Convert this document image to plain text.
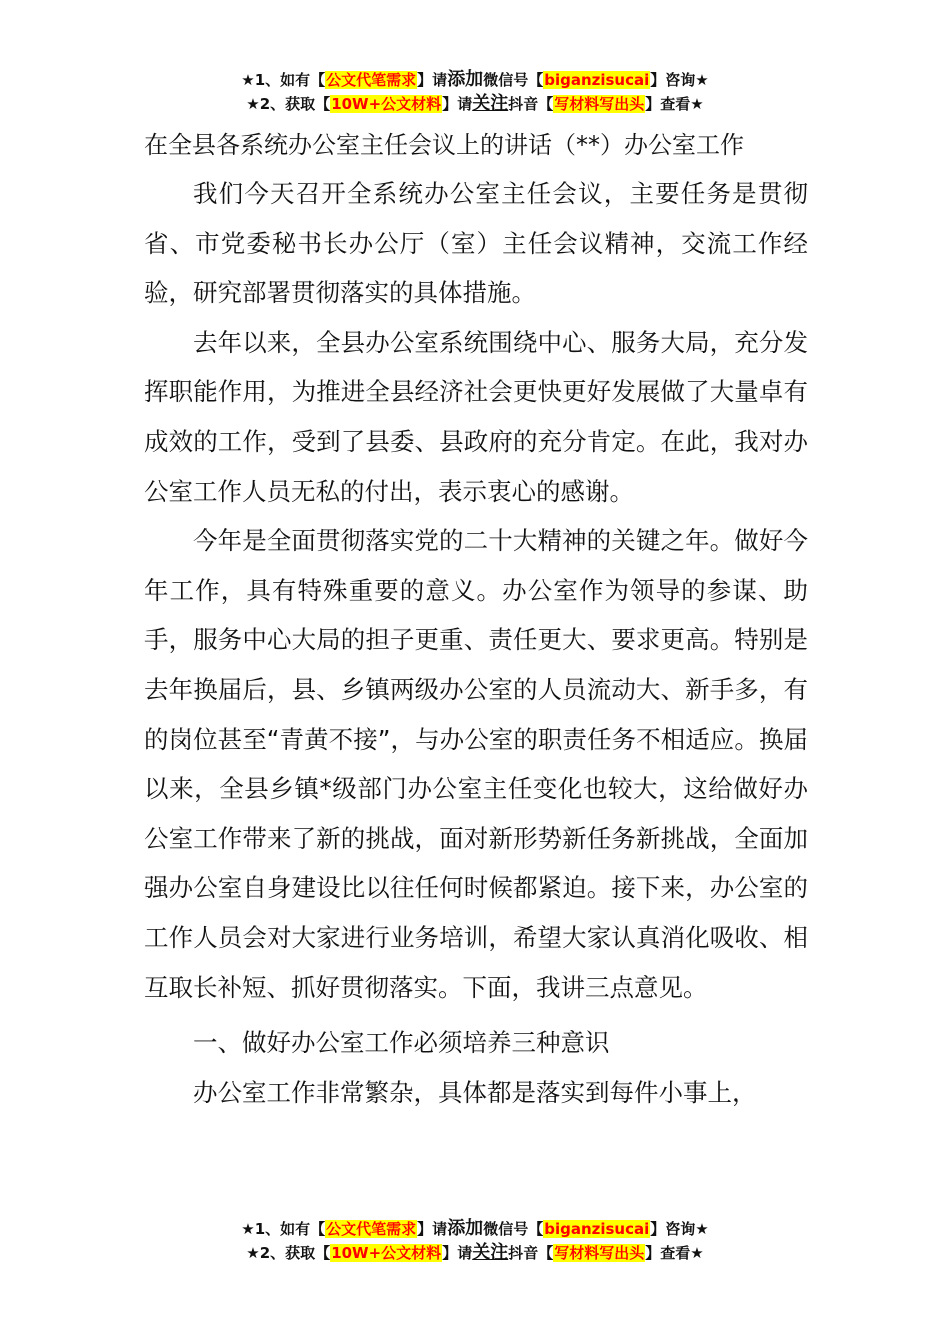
★1、如有【公文代笔需求】请添加微信号【biganzisucai】咨询★
★2、获取【10W+公文材料】请关注抖音【写材料写出头】查看★
在全县各系统办公室主任会议上的讲话（**）办公室工作

我们今天召开全系统办公室主任会议，主要任务是贯彻省、市党委秘书长办公厅（室）主任会议精神，交流工作经验，研究部署贯彻落实的具体措施。

去年以来，全县办公室系统围绕中心、服务大局，充分发挥职能作用，为推进全县经济社会更快更好发展做了大量卓有成效的工作，受到了县委、县政府的充分肯定。在此，我对办公室工作人员无私的付出，表示衷心的感谢。

今年是全面贯彻落实党的二十大精神的关键之年。做好今年工作，具有特殊重要的意义。办公室作为领导的参谋、助手，服务中心大局的担子更重、责任更大、要求更高。特别是去年换届后，县、乡镇两级办公室的人员流动大、新手多，有的岗位甚至“青黄不接”，与办公室的职责任务不相适应。换届以来，全县乡镇*级部门办公室主任变化也较大，这给做好办公室工作带来了新的挑战，面对新形势新任务新挑战，全面加强办公室自身建设比以往任何时候都紧迫。接下来，办公室的工作人员会对大家进行业务培训，希望大家认真消化吸收、相互取长补短、抓好贯彻落实。下面，我讲三点意见。

一、做好办公室工作必须培养三种意识

办公室工作非常繁杂，具体都是落实到每件小事上，

★1、如有【公文代笔需求】请添加微信号【biganzisucai】咨询★
★2、获取【10W+公文材料】请关注抖音【写材料写出头】查看★
